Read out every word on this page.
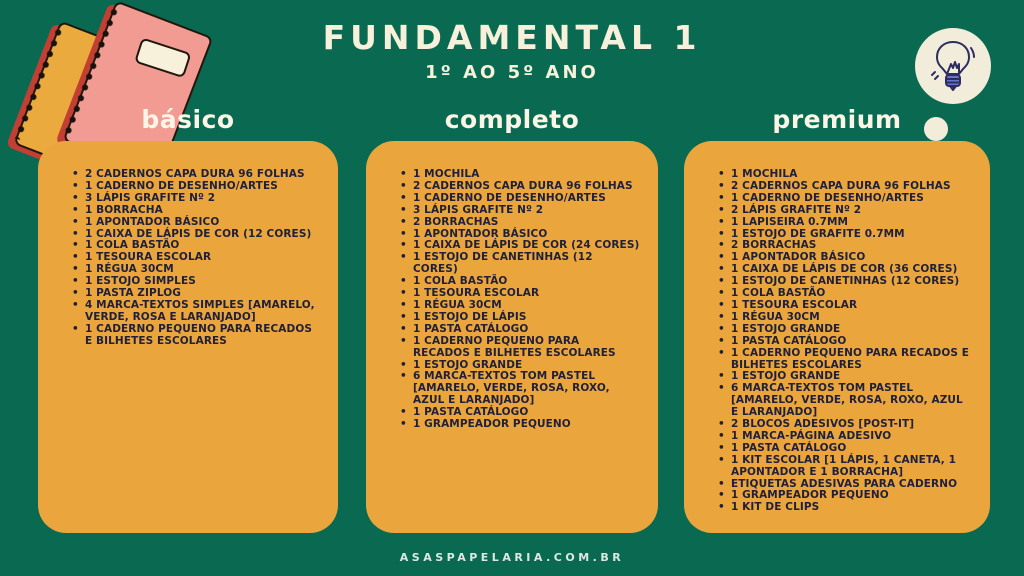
FUNDAMENTAL 1
1º AO 5º ANO
básico	completo	premium
• 2 CADERNOS CAPA DURA 96 FOLHAS
• 1 CADERNO DE DESENHO/ARTES
• 3 LÁPIS GRAFITE Nº 2
• 1 BORRACHA
• 1 APONTADOR BÁSICO
• 1 CAIXA DE LÁPIS DE COR (12 CORES)
• 1 COLA BASTÃO
• 1 TESOURA ESCOLAR
• 1 RÉGUA 30CM
• 1 ESTOJO SIMPLES
• 1 PASTA ZIPLOG
• 4 MARCA-TEXTOS SIMPLES [AMARELO, VERDE, ROSA E LARANJADO]
• 1 CADERNO PEQUENO PARA RECADOS E BILHETES ESCOLARES
• 1 MOCHILA
• 2 CADERNOS CAPA DURA 96 FOLHAS
• 1 CADERNO DE DESENHO/ARTES
• 3 LÁPIS GRAFITE Nº 2
• 2 BORRACHAS
• 1 APONTADOR BÁSICO
• 1 CAIXA DE LÁPIS DE COR (24 CORES)
• 1 ESTOJO DE CANETINHAS (12 CORES)
• 1 COLA BASTÃO
• 1 TESOURA ESCOLAR
• 1 RÉGUA 30CM
• 1 ESTOJO DE LÁPIS
• 1 PASTA CATÁLOGO
• 1 CADERNO PEQUENO PARA RECADOS E BILHETES ESCOLARES
• 1 ESTOJO GRANDE
• 6 MARCA-TEXTOS TOM PASTEL [AMARELO, VERDE, ROSA, ROXO, AZUL E LARANJADO]
• 1 PASTA CATÁLOGO
• 1 GRAMPEADOR PEQUENO
• 1 MOCHILA
• 2 CADERNOS CAPA DURA 96 FOLHAS
• 1 CADERNO DE DESENHO/ARTES
• 2 LÁPIS GRAFITE Nº 2
• 1 LAPISEIRA 0.7MM
• 1 ESTOJO DE GRAFITE 0.7MM
• 2 BORRACHAS
• 1 APONTADOR BÁSICO
• 1 CAIXA DE LÁPIS DE COR (36 CORES)
• 1 ESTOJO DE CANETINHAS (12 CORES)
• 1 COLA BASTÃO
• 1 TESOURA ESCOLAR
• 1 RÉGUA 30CM
• 1 ESTOJO GRANDE
• 1 PASTA CATÁLOGO
• 1 CADERNO PEQUENO PARA RECADOS E BILHETES ESCOLARES
• 1 ESTOJO GRANDE
• 6 MARCA-TEXTOS TOM PASTEL [AMARELO, VERDE, ROSA, ROXO, AZUL E LARANJADO]
• 2 BLOCOS ADESIVOS [POST-IT]
• 1 MARCA-PÁGINA ADESIVO
• 1 PASTA CATÁLOGO
• 1 KIT ESCOLAR [1 LÁPIS, 1 CANETA, 1 APONTADOR E 1 BORRACHA]
• ETIQUETAS ADESIVAS PARA CADERNO
• 1 GRAMPEADOR PEQUENO
• 1 KIT DE CLIPS
ASASPAPELARIA.COM.BR
